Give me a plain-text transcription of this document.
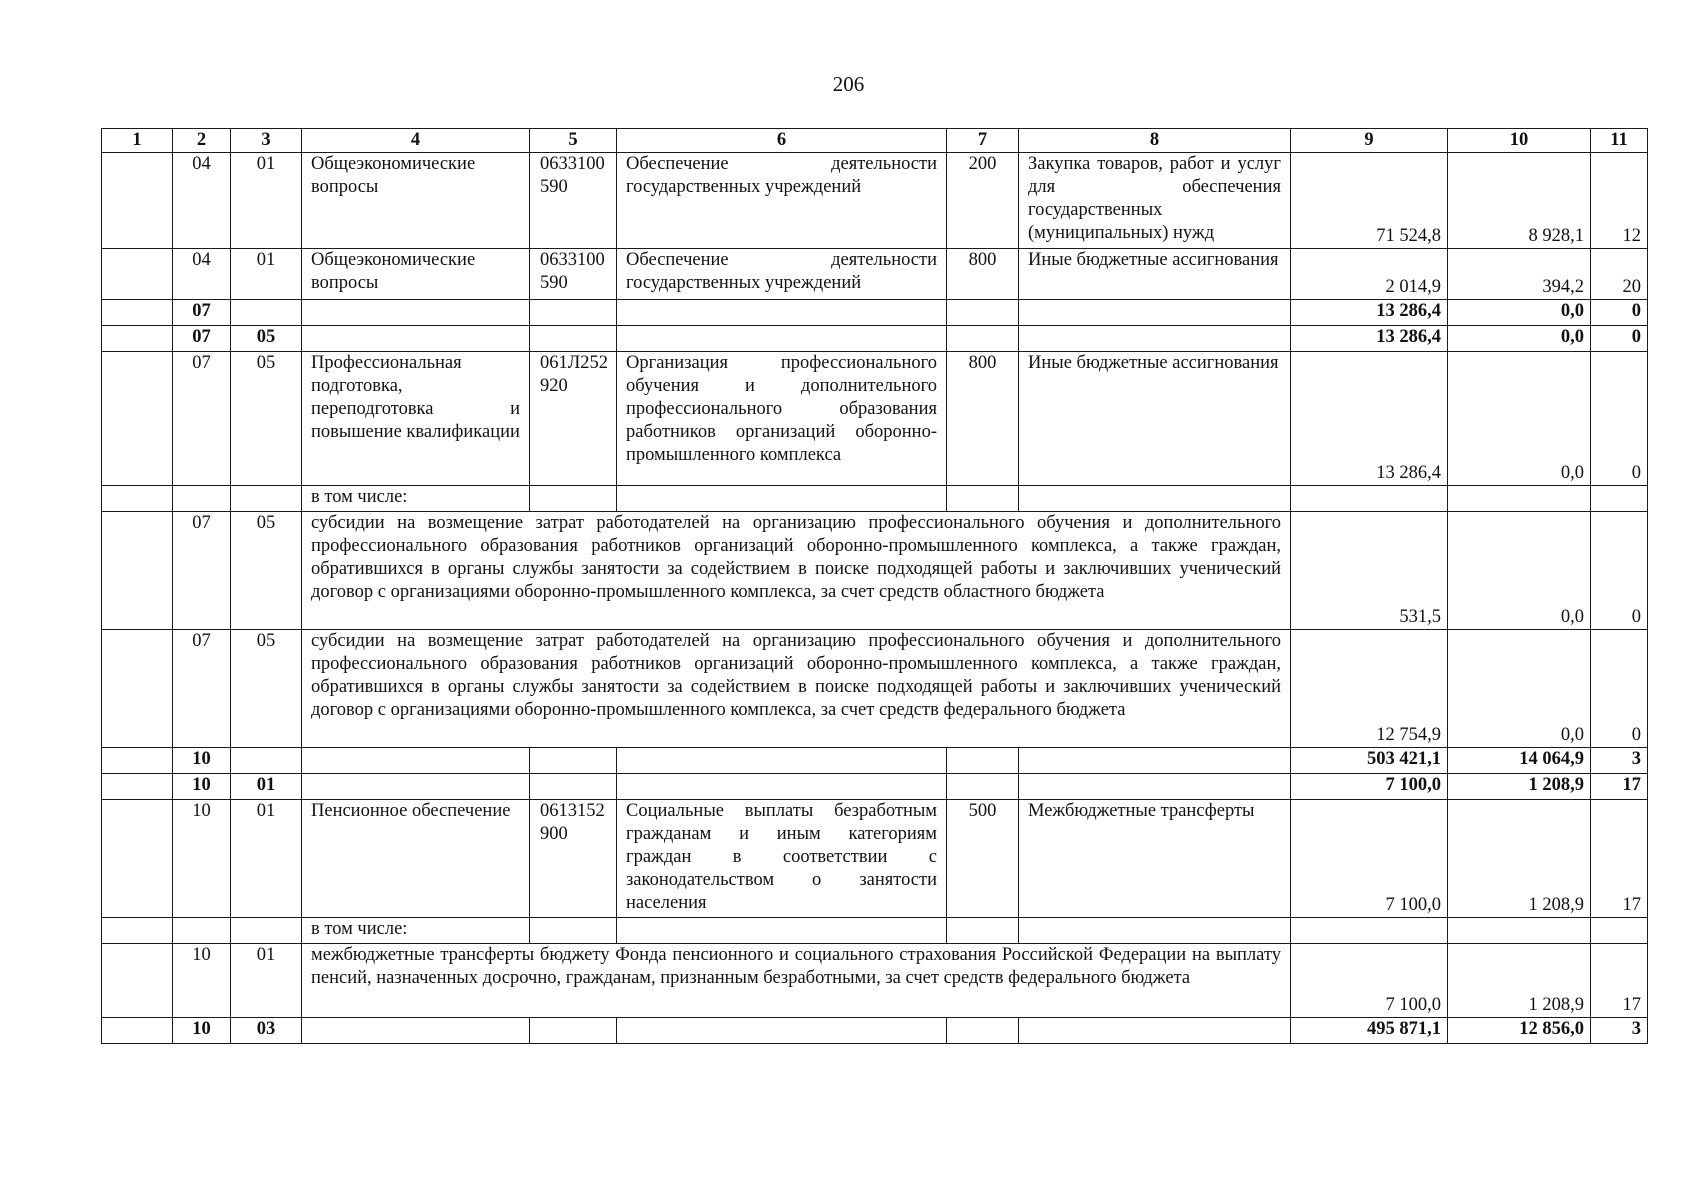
206
1	2	3	4	5	6	7	8	9	10	11
	04	01	Общеэкономические вопросы	0633100590	Обеспечение деятельности государственных учреждений	200	Закупка товаров, работ и услуг для обеспечения государственных (муниципальных) нужд	71 524,8	8 928,1	12
	04	01	Общеэкономические вопросы	0633100590	Обеспечение деятельности государственных учреждений	800	Иные бюджетные ассигнования	2 014,9	394,2	20
	07							13 286,4	0,0	0
	07	05						13 286,4	0,0	0
	07	05	Профессиональная подготовка, переподготовка и повышение квалификации	061Л252920	Организация профессионального обучения и дополнительного профессионального образования работников организаций оборонно-промышленного комплекса	800	Иные бюджетные ассигнования	13 286,4	0,0	0
			в том числе:							
	07	05	субсидии на возмещение затрат работодателей на организацию профессионального обучения и дополнительного профессионального образования работников организаций оборонно-промышленного комплекса, а также граждан, обратившихся в органы службы занятости за содействием в поиске подходящей работы и заключивших ученический договор с организациями оборонно-промышленного комплекса, за счет средств областного бюджета					531,5	0,0	0
	07	05	субсидии на возмещение затрат работодателей на организацию профессионального обучения и дополнительного профессионального образования работников организаций оборонно-промышленного комплекса, а также граждан, обратившихся в органы службы занятости за содействием в поиске подходящей работы и заключивших ученический договор с организациями оборонно-промышленного комплекса, за счет средств федерального бюджета					12 754,9	0,0	0
	10							503 421,1	14 064,9	3
	10	01						7 100,0	1 208,9	17
	10	01	Пенсионное обеспечение	0613152900	Социальные выплаты безработным гражданам и иным категориям граждан в соответствии с законодательством о занятости населения	500	Межбюджетные трансферты	7 100,0	1 208,9	17
			в том числе:							
	10	01	межбюджетные трансферты бюджету Фонда пенсионного и социального страхования Российской Федерации на выплату пенсий, назначенных досрочно, гражданам, признанным безработными, за счет средств федерального бюджета					7 100,0	1 208,9	17
	10	03						495 871,1	12 856,0	3
